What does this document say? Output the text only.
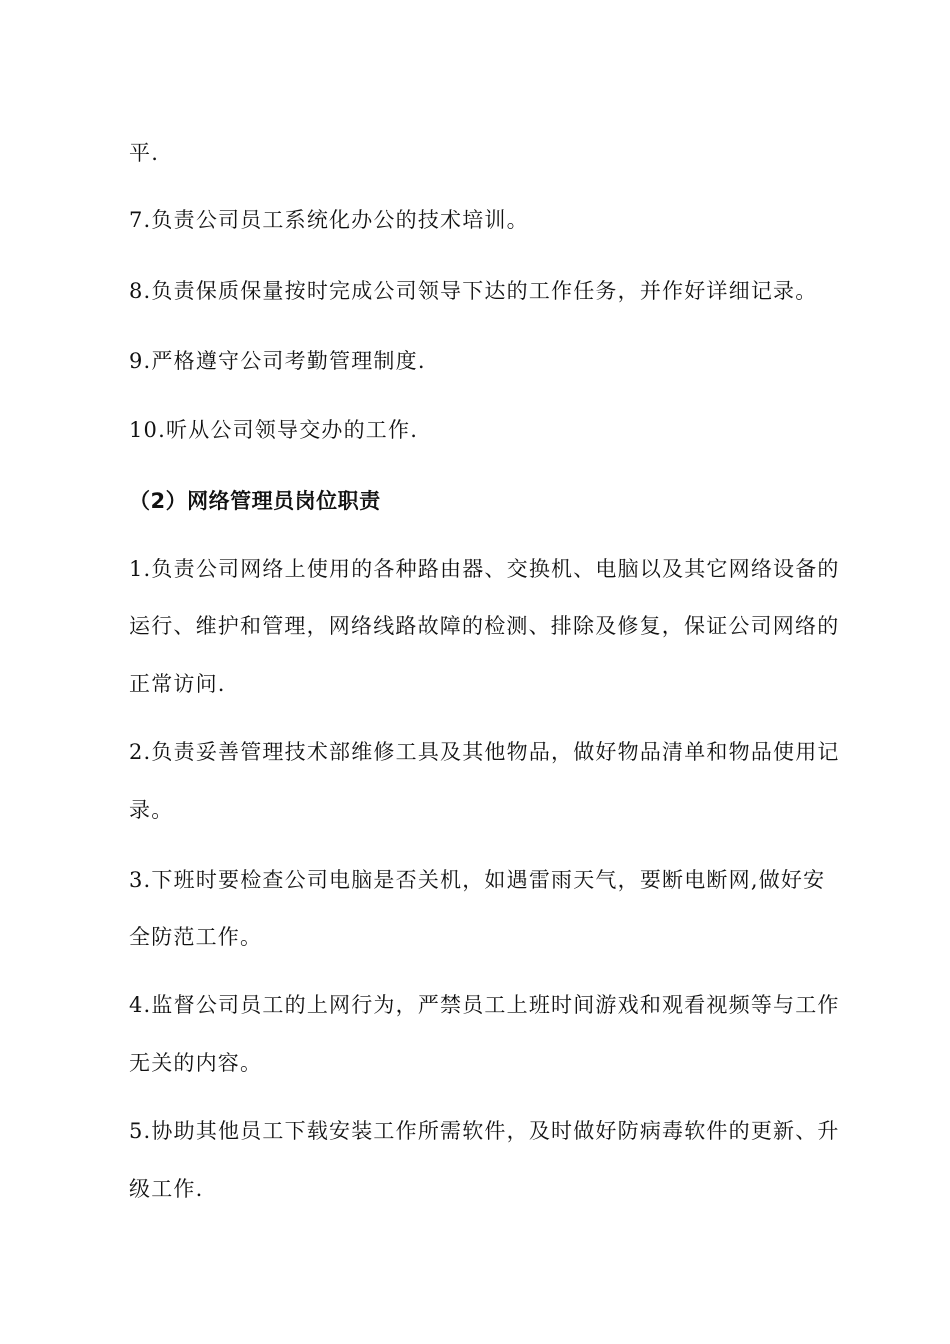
平.
7.负责公司员工系统化办公的技术培训。
8.负责保质保量按时完成公司领导下达的工作任务，并作好详细记录。
9.严格遵守公司考勤管理制度.
10.听从公司领导交办的工作.
（2）网络管理员岗位职责
1.负责公司网络上使用的各种路由器、交换机、电脑以及其它网络设备的
运行、维护和管理，网络线路故障的检测、排除及修复，保证公司网络的
正常访问.
2.负责妥善管理技术部维修工具及其他物品，做好物品清单和物品使用记
录。
3.下班时要检查公司电脑是否关机，如遇雷雨天气，要断电断网,做好安
全防范工作。
4.监督公司员工的上网行为，严禁员工上班时间游戏和观看视频等与工作
无关的内容。
5.协助其他员工下载安装工作所需软件，及时做好防病毒软件的更新、升
级工作.
